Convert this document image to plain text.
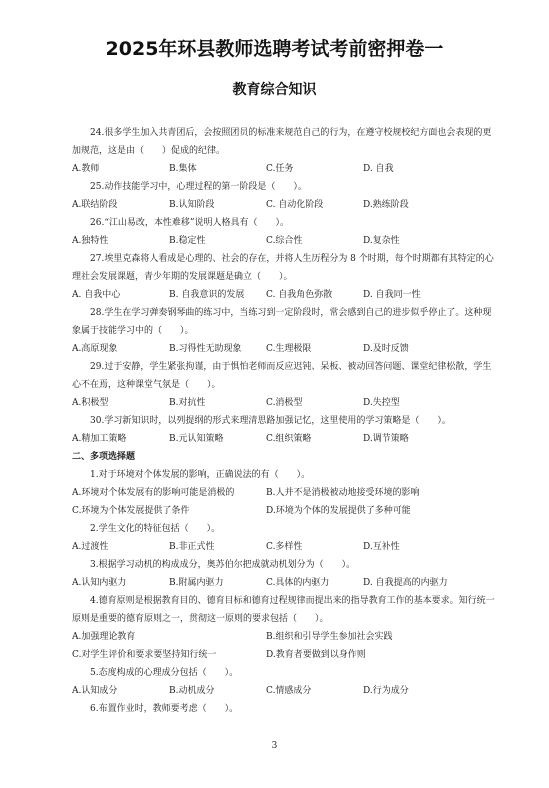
2025年环县教师选聘考试考前密押卷一
教育综合知识
24.很多学生加入共青团后，会按照团员的标准来规范自己的行为，在遵守校规校纪方面也会表现的更加规范，这是由（　　）促成的纪律。
A.教师	B.集体	C.任务	D. 自我
25.动作技能学习中，心理过程的第一阶段是（　　）。
A.联结阶段	B.认知阶段	C. 自动化阶段	D.熟练阶段
26.“江山易改，本性难移”说明人格具有（　　）。
A.独特性	B.稳定性	C.综合性	D.复杂性
27.埃里克森将人看成是心理的、社会的存在，并将人生历程分为 8 个时期，每个时期都有其特定的心理社会发展课题，青少年期的发展课题是确立（　　）。
A. 自我中心	B. 自我意识的发展	C. 自我角色弥散	D. 自我同一性
28.学生在学习弹奏钢琴曲的练习中，当练习到一定阶段时，常会感到自己的进步似乎停止了。这种现象属于技能学习中的（　　）。
A.高原现象	B.习得性无助现象	C.生理极限	D.及时反馈
29.过于安静，学生紧张拘谨，由于惧怕老师而反应迟钝、呆板、被动回答问题、课堂纪律松散，学生心不在焉，这种课堂气氛是（　　）。
A.积极型	B.对抗性	C.消极型	D.失控型
30.学习新知识时，以列提纲的形式来理清思路加强记忆，这里使用的学习策略是（　　）。
A.精加工策略	B.元认知策略	C.组织策略	D.调节策略
二、多项选择题
1.对于环境对个体发展的影响，正确说法的有（　　）。
A.环境对个体发展有的影响可能是消极的	B.人并不是消极被动地接受环境的影响
C.环境为个体发展提供了条件	D.环境为个体的发展提供了多种可能
2.学生文化的特征包括（　　）。
A.过渡性	B.非正式性	C.多样性	D.互补性
3.根据学习动机的构成成分，奥苏伯尔把成就动机划分为（　　）。
A.认知内驱力	B.附属内驱力	C.具体的内驱力	D. 自我提高的内驱力
4.德育原则是根据教育目的、德育目标和德育过程规律而提出来的指导教育工作的基本要求。知行统一原则是重要的德育原则之一，贯彻这一原则的要求包括（　　）。
A.加强理论教育	B.组织和引导学生参加社会实践
C.对学生评价和要求要坚持知行统一	D.教育者要做到以身作则
5.态度构成的心理成分包括（　　）。
A.认知成分	B.动机成分	C.情感成分	D.行为成分
6.布置作业时，教师要考虑（　　）。
3
